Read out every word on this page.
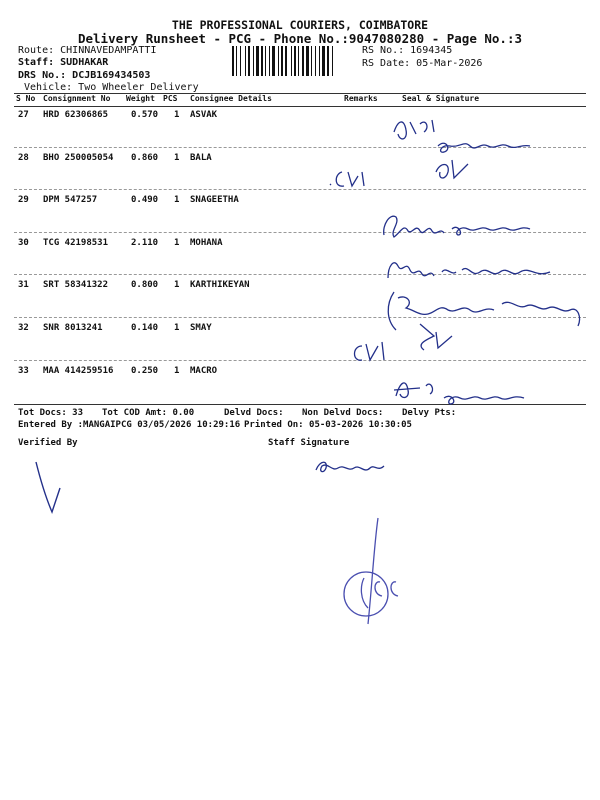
THE PROFESSIONAL COURIERS, COIMBATORE
Delivery Runsheet - PCG - Phone No.:9047080280 - Page No.:3
Route: CHINNAVEDAMPATTI
Staff: SUDHAKAR
DRS No.: DCJB169434503
Vehicle: Two Wheeler Delivery
RS No.: 1694345
RS Date: 05-Mar-2026
S No Consignment No Weight PCS Consignee Details	Remarks	Seal & Signature
27 HRD 62306865	0.570 1 ASVAK
28 BHO 250005054 0.860 1 BALA
29 DPM 547257	0.490 1 SNAGEETHA
30 TCG 42198531	2.110 1 MOHANA
31 SRT 58341322	0.800 1 KARTHIKEYAN
32 SNR 8013241	0.140 1 SMAY
33 MAA 414259516 0.250 1 MACRO
Tot Docs: 33 Tot COD Amt: 0.00	Delvd Docs: Non Delvd Docs: Delvy Pts:
Entered By :MANGAIPCG 03/05/2026 10:29:16 Printed On: 05-03-2026 10:30:05
Verified By	Staff Signature
